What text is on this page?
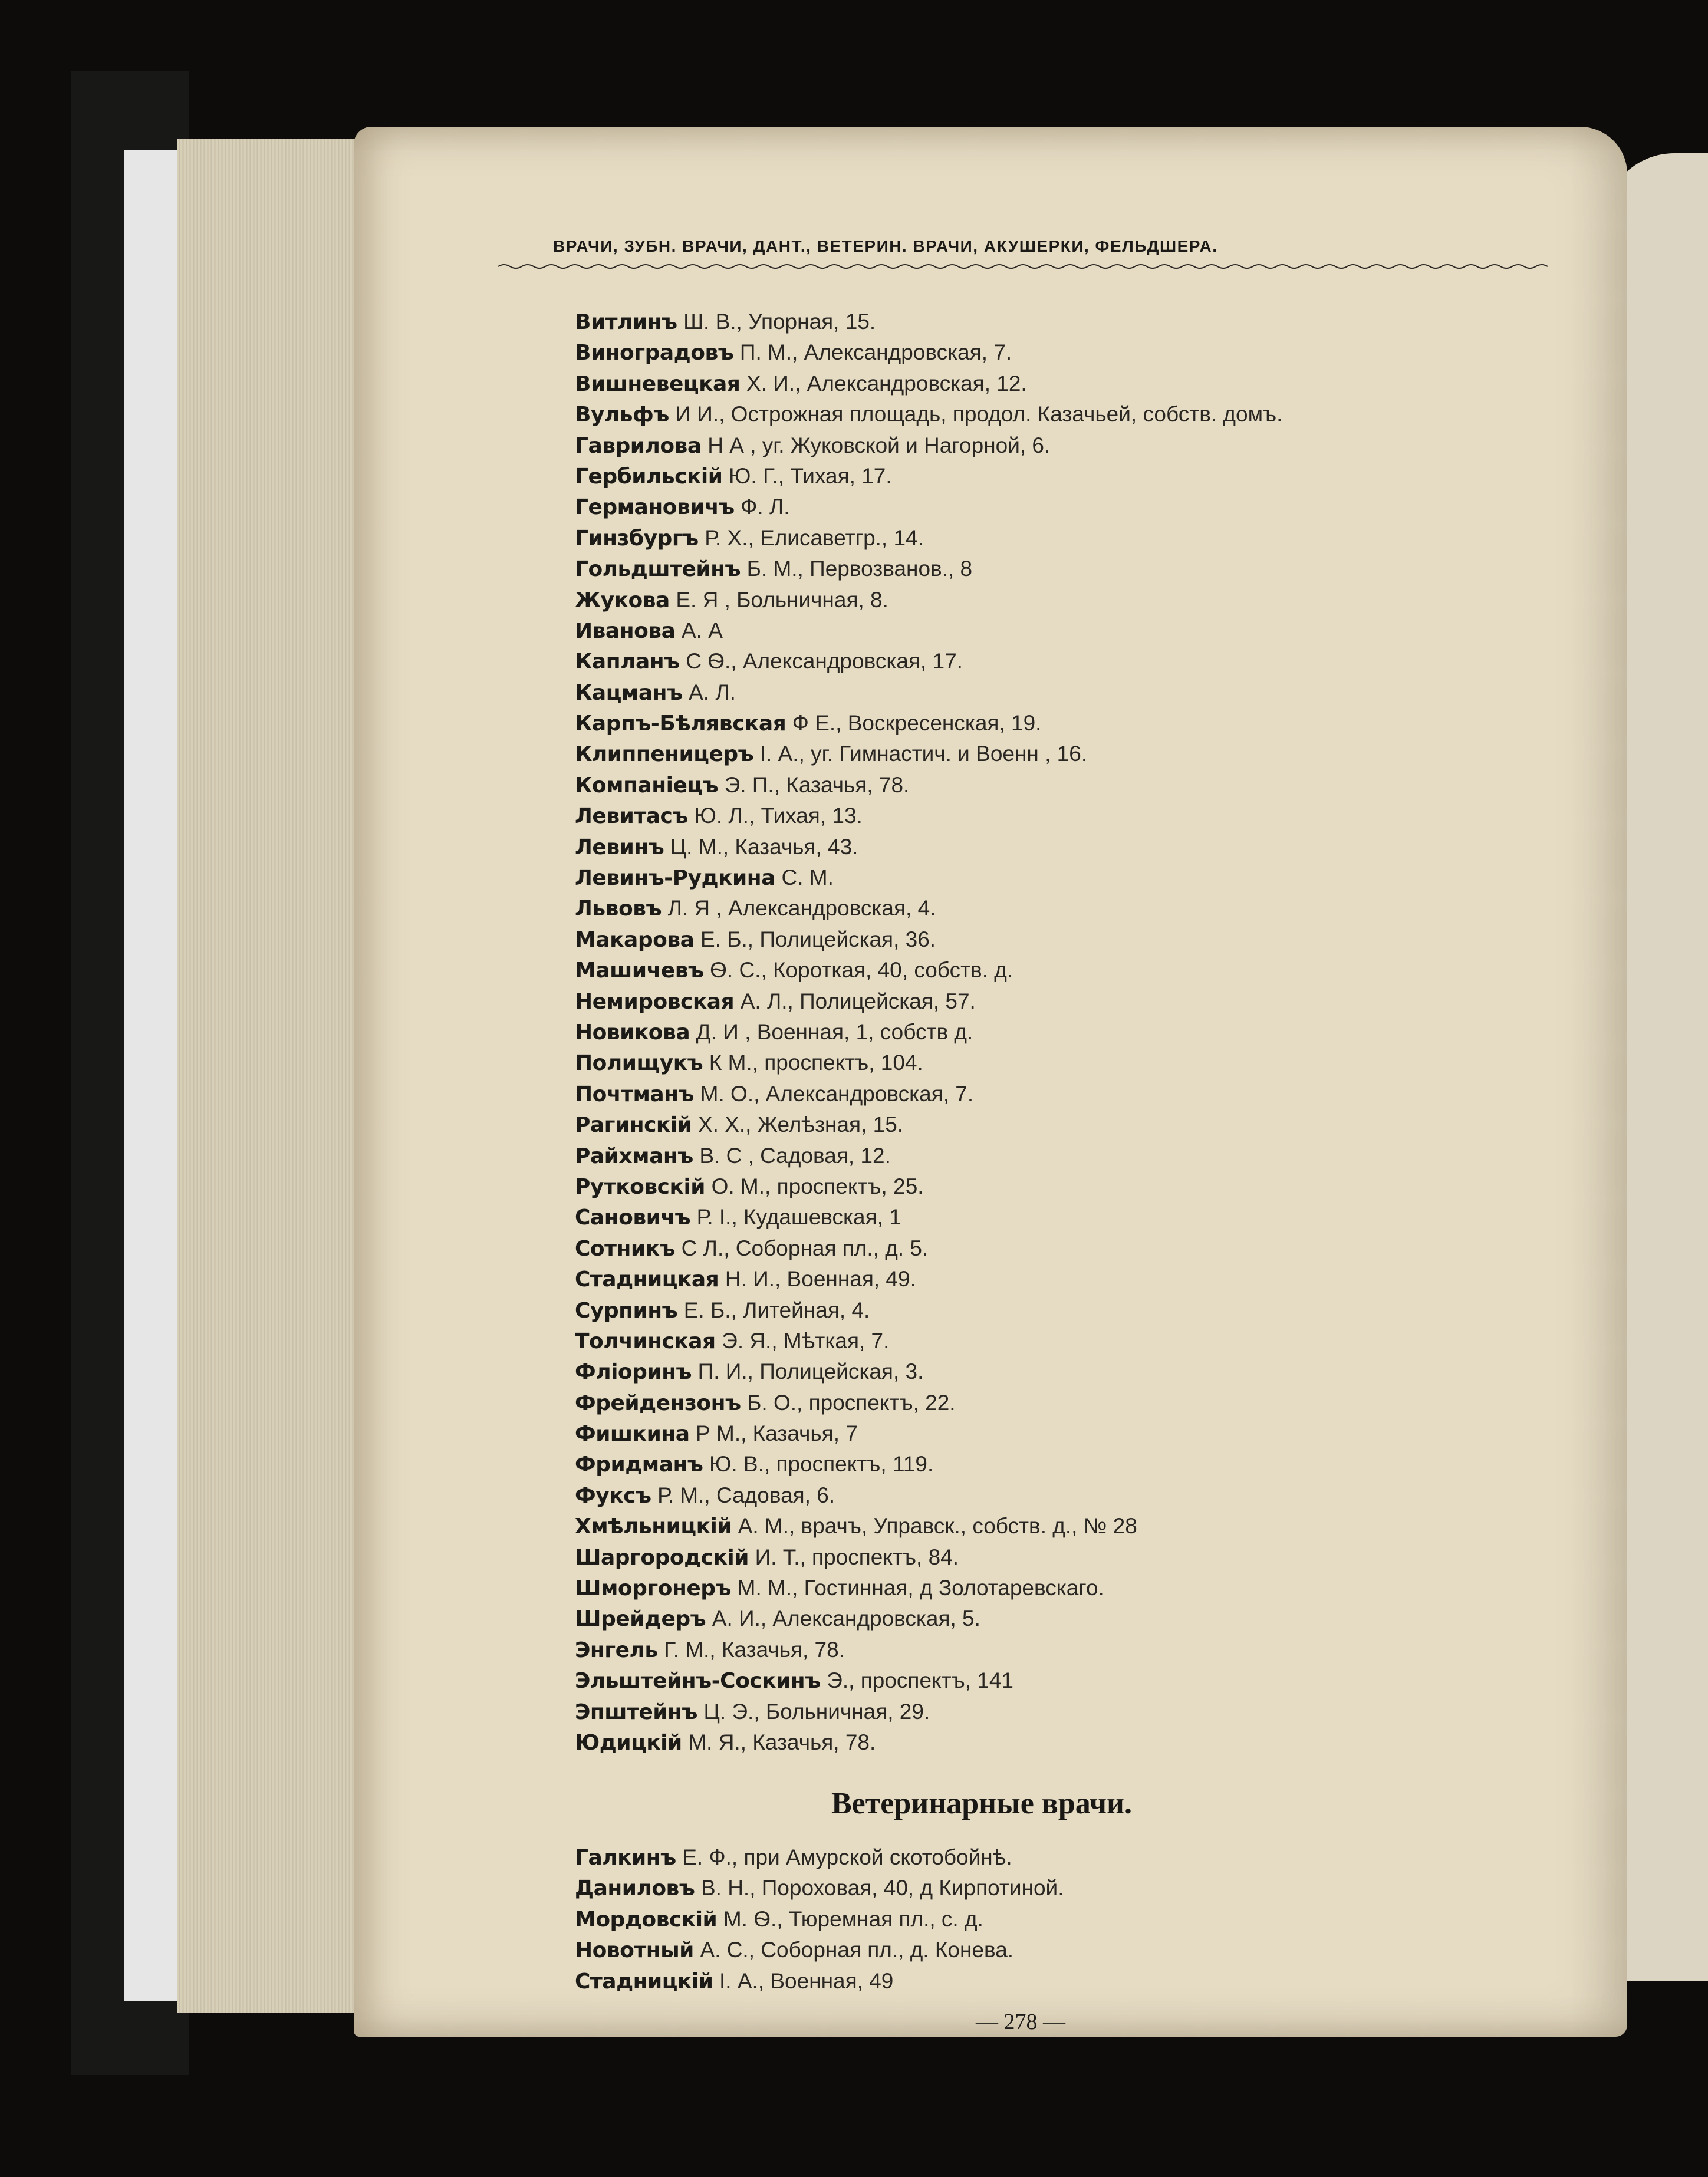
ВРАЧИ, ЗУБН. ВРАЧИ, ДАНТ., ВЕТЕРИН. ВРАЧИ, АКУШЕРКИ, ФЕЛЬДШЕРА.
Витлинъ Ш. В., Упорная, 15.
Виноградовъ П. М., Александровская, 7.
Вишневецкая Х. И., Александровская, 12.
Вульфъ И И., Острожная площадь, продол. Казачьей, собств. домъ.
Гаврилова Н А , уг. Жуковской и Нагорной, 6.
Гербильскій Ю. Г., Тихая, 17.
Германовичъ Ф. Л.
Гинзбургъ Р. Х., Елисаветгр., 14.
Гольдштейнъ Б. М., Первозванов., 8
Жукова Е. Я , Больничная, 8.
Иванова А. А
Капланъ С Ѳ., Александровская, 17.
Кацманъ А. Л.
Карпъ-Бѣлявская Ф Е., Воскресенская, 19.
Клиппеницеръ І. А., уг. Гимнастич. и Военн , 16.
Компаніецъ Э. П., Казачья, 78.
Левитасъ Ю. Л., Тихая, 13.
Левинъ Ц. М., Казачья, 43.
Левинъ-Рудкина С. М.
Львовъ Л. Я , Александровская, 4.
Макарова Е. Б., Полицейская, 36.
Машичевъ Ѳ. С., Короткая, 40, собств. д.
Немировская А. Л., Полицейская, 57.
Новикова Д. И , Военная, 1, собств д.
Полищукъ К М., проспектъ, 104.
Почтманъ М. О., Александровская, 7.
Рагинскій Х. Х., Желѣзная, 15.
Райхманъ В. С , Садовая, 12.
Рутковскій О. М., проспектъ, 25.
Сановичъ Р. І., Кудашевская, 1
Сотникъ С Л., Соборная пл., д. 5.
Стадницкая Н. И., Военная, 49.
Сурпинъ Е. Б., Литейная, 4.
Толчинская Э. Я., Мѣткая, 7.
Фліоринъ П. И., Полицейская, 3.
Фрейдензонъ Б. О., проспектъ, 22.
Фишкина Р М., Казачья, 7
Фридманъ Ю. В., проспектъ, 119.
Фуксъ Р. М., Садовая, 6.
Хмѣльницкій А. М., врачъ, Управск., собств. д., № 28
Шаргородскій И. Т., проспектъ, 84.
Шморгонеръ М. М., Гостинная, д Золотаревскаго.
Шрейдеръ А. И., Александровская, 5.
Энгель Г. М., Казачья, 78.
Эльштейнъ-Соскинъ Э., проспектъ, 141
Эпштейнъ Ц. Э., Больничная, 29.
Юдицкій М. Я., Казачья, 78.
Ветеринарные врачи.
Галкинъ Е. Ф., при Амурской скотобойнѣ.
Даниловъ В. Н., Пороховая, 40, д Кирпотиной.
Мордовскій М. Ѳ., Тюремная пл., с. д.
Новотный А. С., Соборная пл., д. Конева.
Стадницкій І. А., Военная, 49
— 278 —
